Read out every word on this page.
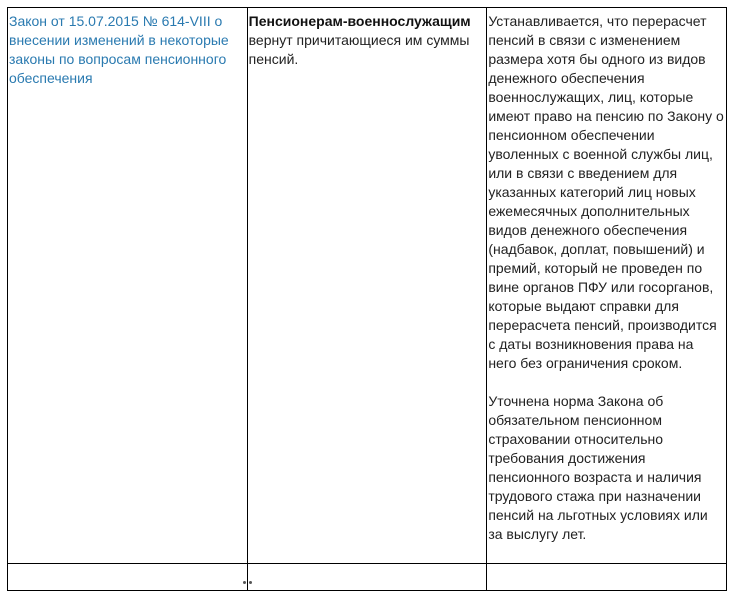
Закон от 15.07.2015 № 614-VIII о внесении изменений в некоторые законы по вопросам пенсионного обеспечения	Пенсионерам-военнослужащим вернут причитающиеся им суммы пенсий.	Устанавливается, что перерасчет пенсий в связи с изменением размера хотя бы одного из видов денежного обеспечения военнослужащих, лиц, которые имеют право на пенсию по Закону о пенсионном обеспечении уволенных с военной службы лиц, или в связи с введением для указанных категорий лиц новых ежемесячных дополнительных видов денежного обеспечения (надбавок, доплат, повышений) и премий, который не проведен по вине органов ПФУ или госорганов, которые выдают справки для перерасчета пенсий, производится с даты возникновения права на него без ограничения сроком.

Уточнена норма Закона об обязательном пенсионном страховании относительно требования достижения пенсионного возраста и наличия трудового стажа при назначении пенсий на льготных условиях или за выслугу лет.
